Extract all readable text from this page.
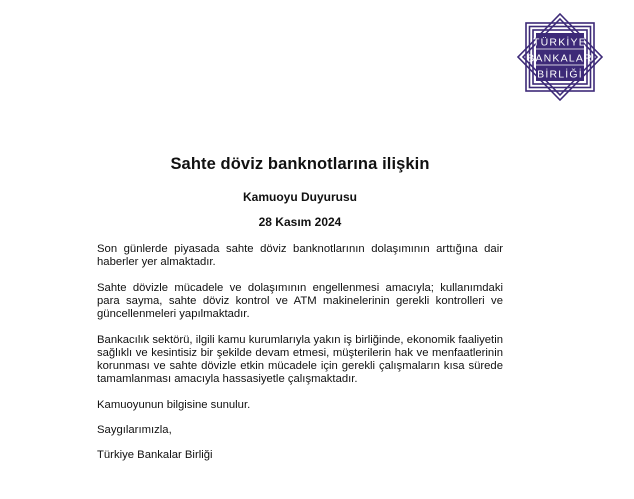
TÜRKİYE
BANKALAR
BİRLİĞİ
Sahte döviz banknotlarına ilişkin
Kamuoyu Duyurusu
28 Kasım 2024

Son günlerde piyasada sahte döviz banknotlarının dolaşımının arttığına dair haberler yer almaktadır.

Sahte dövizle mücadele ve dolaşımının engellenmesi amacıyla; kullanımdaki para sayma, sahte döviz kontrol ve ATM makinelerinin gerekli kontrolleri ve güncellenmeleri yapılmaktadır.

Bankacılık sektörü, ilgili kamu kurumlarıyla yakın iş birliğinde, ekonomik faaliyetin sağlıklı ve kesintisiz bir şekilde devam etmesi, müşterilerin hak ve menfaatlerinin korunması ve sahte dövizle etkin mücadele için gerekli çalışmaların kısa sürede tamamlanması amacıyla hassasiyetle çalışmaktadır.

Kamuoyunun bilgisine sunulur.

Saygılarımızla,

Türkiye Bankalar Birliği
